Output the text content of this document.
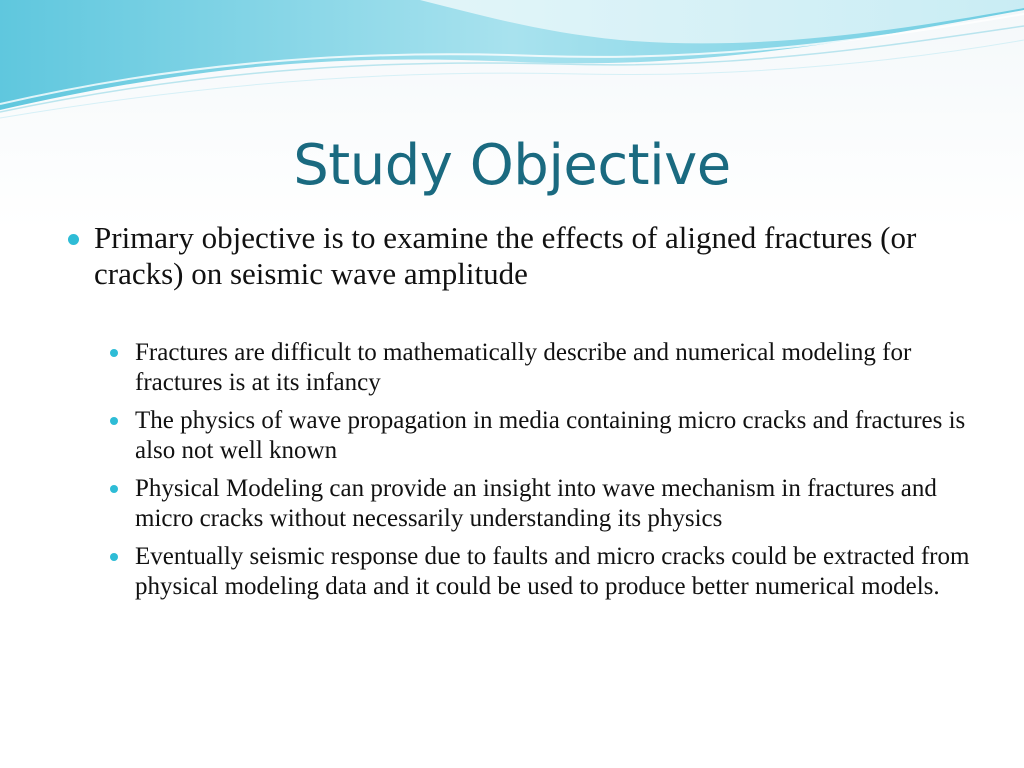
Study Objective
Primary objective is to examine the effects of aligned fractures (or cracks) on seismic wave amplitude
Fractures are difficult to mathematically describe and numerical modeling for fractures is at its infancy
The physics of wave propagation in media containing micro cracks and fractures is also not well known
Physical Modeling can provide an insight into wave mechanism in fractures and micro cracks without necessarily understanding its physics
Eventually seismic response due to faults and micro cracks could be extracted from physical modeling data and it could be used to produce better numerical models.
